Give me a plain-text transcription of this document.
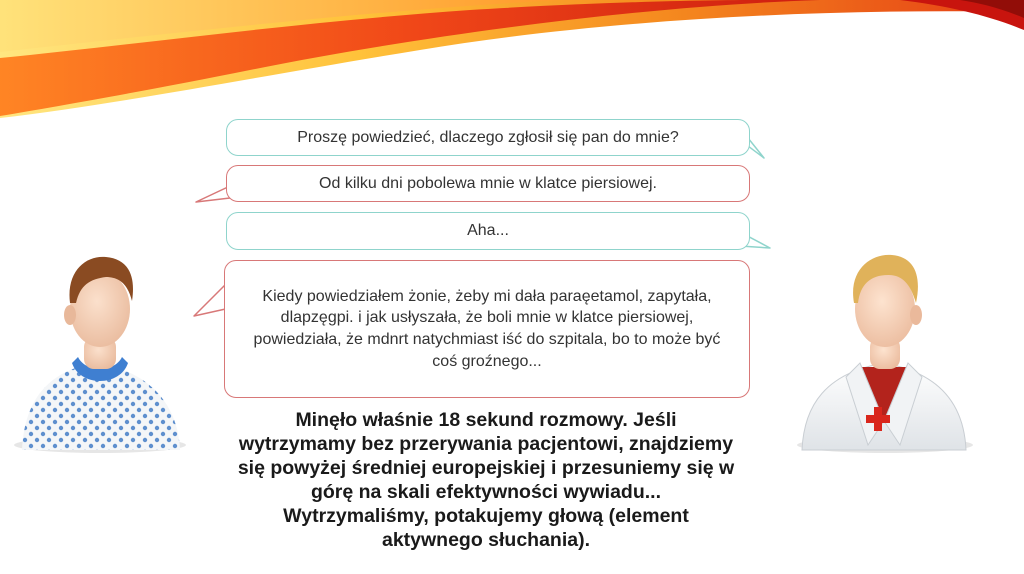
Proszę powiedzieć, dlaczego zgłosił się pan do mnie?
Od kilku dni pobolewa mnie w klatce piersiowej.
Aha...
Kiedy powiedziałem żonie, żeby mi dała parаęetamol, zapytała, dlapzęgpi. i jak usłyszała, że boli mnie w klatce piersiowej, powiedziała, że mdnrt natychmiast iść do szpitala, bo to może być coś groźnego...
Minęło właśnie 18 sekund rozmowy. Jeśli wytrzymamy bez przerywania pacjentowi, znajdziemy się powyżej średniej europejskiej i przesuniemy się w górę na skali efektywności wywiadu... Wytrzymaliśmy, potakujemy głową (element aktywnego słuchania).
